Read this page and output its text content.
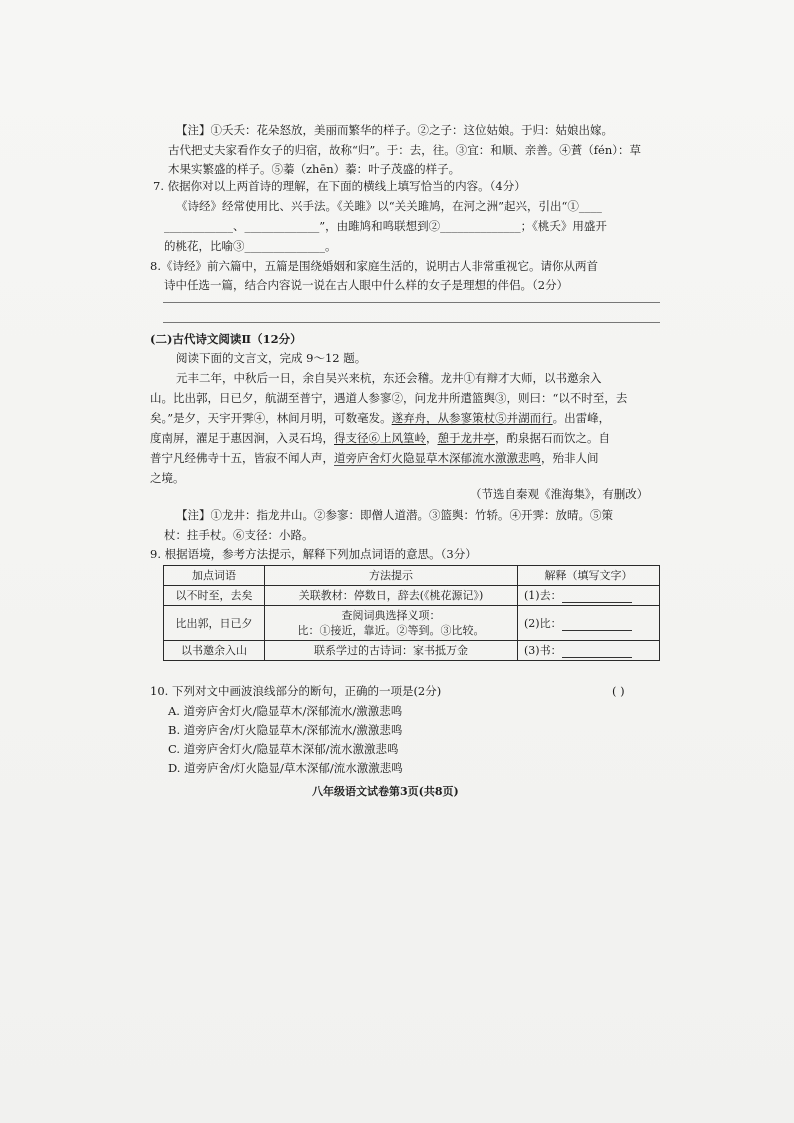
【注】①夭夭：花朵怒放，美丽而繁华的样子。②之子：这位姑娘。于归：姑娘出嫁。
古代把丈夫家看作女子的归宿，故称“归”。于：去，往。③宜：和顺、亲善。④蕡（fén）：草
木果实繁盛的样子。⑤蓁（zhēn）蓁：叶子茂盛的样子。
7. 依据你对以上两首诗的理解，在下面的横线上填写恰当的内容。（4分）
《诗经》经常使用比、兴手法。《关雎》以“关关雎鸠，在河之洲”起兴，引出“①____
____________、_____________”，由雎鸠和鸣联想到②______________；《桃夭》用盛开
的桃花，比喻③______________。
8.《诗经》前六篇中，五篇是围绕婚姻和家庭生活的，说明古人非常重视它。请你从两首
诗中任选一篇，结合内容说一说在古人眼中什么样的女子是理想的伴侣。（2分）
(二)古代诗文阅读Ⅱ（12分）
阅读下面的文言文，完成 9～12 题。
元丰二年，中秋后一日，余自吴兴来杭，东还会稽。龙井①有辩才大师，以书邀余入
山。比出郭，日已夕，航湖至普宁，遇道人参寥②，问龙井所遣篮舆③，则曰：“以不时至，去
矣。”是夕，天宇开霁④，林间月明，可数毫发。遂弃舟，从参寥策杖⑤并湖而行。出雷峰，
度南屏，濯足于惠因涧，入灵石坞，得支径⑥上风篁岭，憩于龙井亭，酌泉据石而饮之。自
普宁凡经佛寺十五，皆寂不闻人声，道旁庐舍灯火隐显草木深郁流水激激悲鸣，殆非人间
之境。
（节选自秦观《淮海集》，有删改）
【注】①龙井：指龙井山。②参寥：即僧人道潜。③篮舆：竹轿。④开霁：放晴。⑤策
杖：拄手杖。⑥支径：小路。
9. 根据语境，参考方法提示，解释下列加点词语的意思。（3分）
加点词语	方法提示	解释（填写文字）
以不时至，去矣	关联教材：停数日，辞去(《桃花源记》)	(1)去：
比出郭，日已夕	查阅词典选择义项：
比：①接近，靠近。②等到。③比较。	(2)比：
以书邀余入山	联系学过的古诗词：家书抵万金	(3)书：
10. 下列对文中画波浪线部分的断句，正确的一项是(2分)	( )
A. 道旁庐舍灯火/隐显草木/深郁流水/激激悲鸣
B. 道旁庐舍/灯火隐显草木/深郁流水/激激悲鸣
C. 道旁庐舍灯火/隐显草木深郁/流水激激悲鸣
D. 道旁庐舍/灯火隐显/草木深郁/流水激激悲鸣
八年级语文试卷第3页(共8页)
